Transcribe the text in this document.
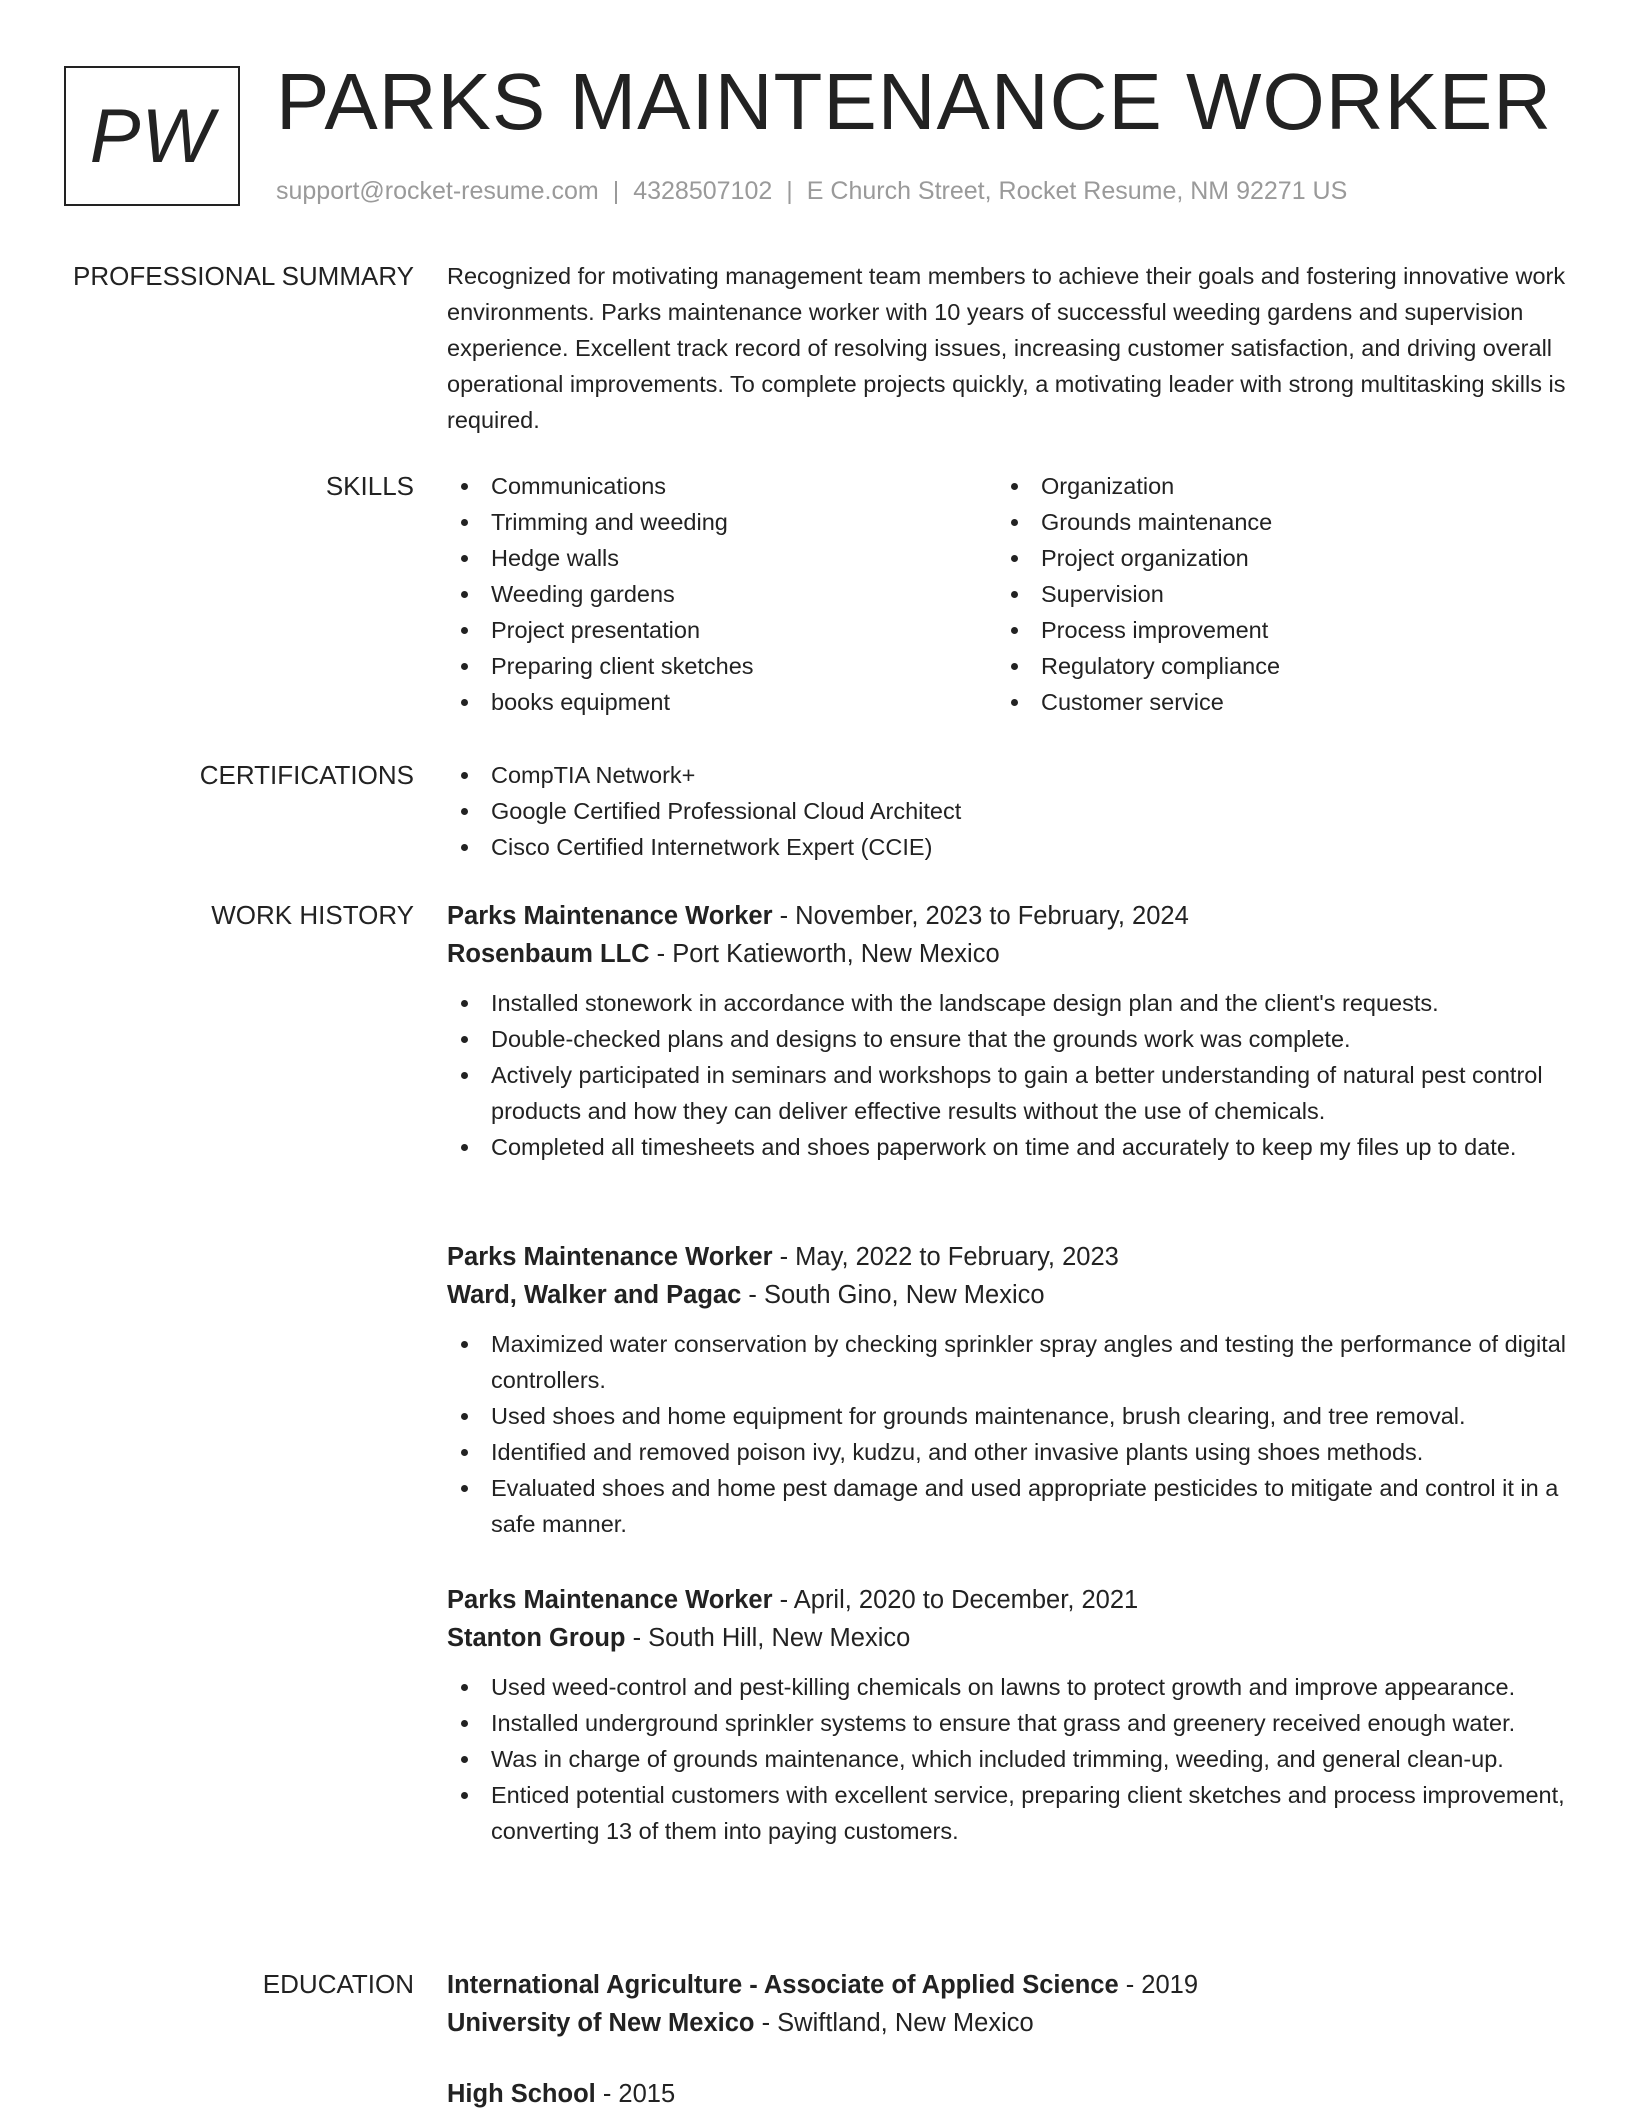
PW PARKS MAINTENANCE WORKER
support@rocket-resume.com | 4328507102 | E Church Street, Rocket Resume, NM 92271 US
PROFESSIONAL SUMMARY Recognized for motivating management team members to achieve their goals and fostering innovative work environments. Parks maintenance worker with 10 years of successful weeding gardens and supervision experience. Excellent track record of resolving issues, increasing customer satisfaction, and driving overall operational improvements. To complete projects quickly, a motivating leader with strong multitasking skills is required.

SKILLS	Communications
Trimming and weeding
Hedge walls
Weeding gardens
Project presentation
Preparing client sketches
books equipment
Organization
Grounds maintenance
Project organization
Supervision
Process improvement
Regulatory compliance
Customer service
CERTIFICATIONS	CompTIA Network+
Google Certified Professional Cloud Architect
Cisco Certified Internetwork Expert (CCIE)
WORK HISTORY Parks Maintenance Worker - November, 2023 to February, 2024
Rosenbaum LLC - Port Katieworth, New Mexico
Installed stonework in accordance with the landscape design plan and the client's requests.
Double-checked plans and designs to ensure that the grounds work was complete.
Actively participated in seminars and workshops to gain a better understanding of natural pest control products and how they can deliver effective results without the use of chemicals.
Completed all timesheets and shoes paperwork on time and accurately to keep my files up to date.
Parks Maintenance Worker - May, 2022 to February, 2023
Ward, Walker and Pagac - South Gino, New Mexico
Maximized water conservation by checking sprinkler spray angles and testing the performance of digital controllers.
Used shoes and home equipment for grounds maintenance, brush clearing, and tree removal.
Identified and removed poison ivy, kudzu, and other invasive plants using shoes methods.
Evaluated shoes and home pest damage and used appropriate pesticides to mitigate and control it in a safe manner.
Parks Maintenance Worker - April, 2020 to December, 2021
Stanton Group - South Hill, New Mexico
Used weed-control and pest-killing chemicals on lawns to protect growth and improve appearance.
Installed underground sprinkler systems to ensure that grass and greenery received enough water.
Was in charge of grounds maintenance, which included trimming, weeding, and general clean-up.
Enticed potential customers with excellent service, preparing client sketches and process improvement, converting 13 of them into paying customers.
EDUCATION International Agriculture - Associate of Applied Science - 2019
University of New Mexico - Swiftland, New Mexico
High School - 2015
